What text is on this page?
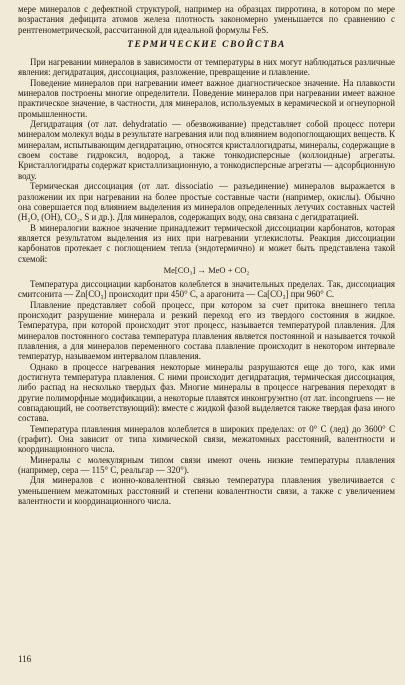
мере минералов с дефектной структурой, например на образцах пирротина, в котором по мере возрастания дефицита атомов железа плотность закономерно уменьшается по сравнению с рентгенометрической, рассчитанной для идеальной формулы FeS.

ТЕРМИЧЕСКИЕ СВОЙСТВА

При нагревании минералов в зависимости от температуры в них могут наблюдаться различные явления: дегидратация, диссоциация, разложение, превращение и плавление.

Поведение минералов при нагревании имеет важное диагностическое значение. На плавкости минералов построены многие определители. Поведение минералов при нагревании имеет важное практическое значение, в частности, для минералов, используемых в керамической и огнеупорной промышленности.

Дегидратация (от лат. dehydratatio — обезвоживание) представляет собой процесс потери минералом молекул воды в результате нагревания или под влиянием водопоглощающих веществ. К минералам, испытывающим дегидратацию, относятся кристаллогидраты, минералы, содержащие в своем составе гидроксил, водород, а также тонкодисперсные (коллоидные) агрегаты. Кристаллогидраты содержат кристаллизационную, а тонкодисперсные агрегаты — адсорбционную воду.

Термическая диссоциация (от лат. dissociatio — разъединение) минералов выражается в разложении их при нагревании на более простые составные части (например, окислы). Обычно она совершается под влиянием выделения из минералов определенных летучих составных частей (H₂O, (OH), CO₂, S и др.). Для минералов, содержащих воду, она связана с дегидратацией.

В минералогии важное значение принадлежит термической диссоциации карбонатов, которая является результатом выделения из них при нагревании углекислоты. Реакция диссоциации карбонатов протекает с поглощением тепла (эндотермично) и может быть представлена такой схемой:

Me[CO₃] → MeO + CO₂

Температура диссоциации карбонатов колеблется в значительных пределах. Так, диссоциация смитсонита — Zn[CO₃] происходит при 450° C, а арагонита — Ca[CO₃] при 960° C.

Плавление представляет собой процесс, при котором за счет притока внешнего тепла происходит разрушение минерала и резкий переход его из твердого состояния в жидкое. Температура, при которой происходит этот процесс, называется температурой плавления. Для минералов постоянного состава температура плавления является постоянной и называется точкой плавления, а для минералов переменного состава плавление происходит в некотором интервале температур, называемом интервалом плавления.

Однако в процессе нагревания некоторые минералы разрушаются еще до того, как ими достигнута температура плавления. С ними происходит дегидратация, термическая диссоциация, либо распад на несколько твердых фаз. Многие минералы в процессе нагревания переходят в другие полиморфные модификации, а некоторые плавятся инконгруэнтно (от лат. incongruens — не совпадающий, не соответствующий): вместе с жидкой фазой выделяется также твердая фаза иного состава.

Температура плавления минералов колеблется в широких пределах: от 0° C (лед) до 3600° C (графит). Она зависит от типа химической связи, межатомных расстояний, валентности и координационного числа.

Минералы с молекулярным типом связи имеют очень низкие температуры плавления (например, сера — 115° C, реальгар — 320°).

Для минералов с ионно-ковалентной связью температура плавления увеличивается с уменьшением межатомных расстояний и степени ковалентности связи, а также с увеличением валентности и координационного числа.

116
